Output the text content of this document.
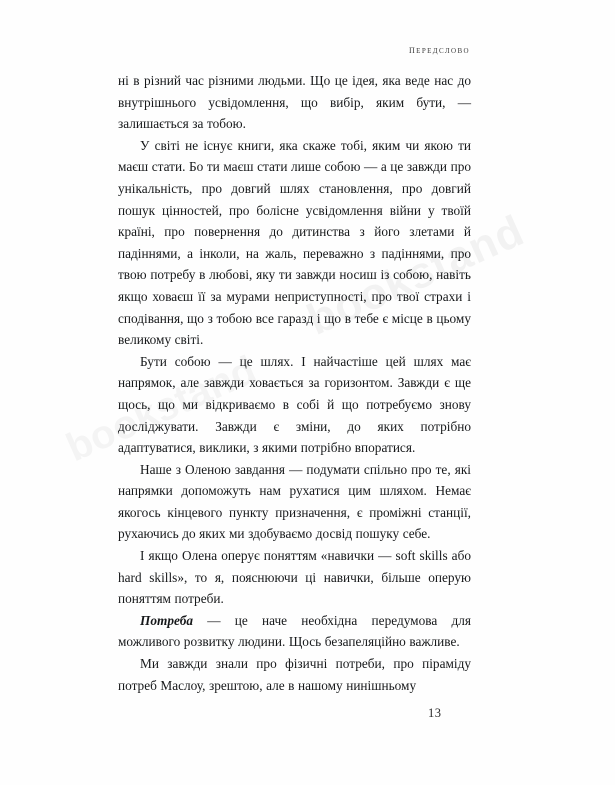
передслово

ні в різний час різними людьми. Що це ідея, яка веде нас до внутрішнього усвідомлення, що вибір, яким бути, — залишається за тобою.

У світі не існує книги, яка скаже тобі, яким чи якою ти маєш стати. Бо ти маєш стати лише собою — а це завжди про унікальність, про довгий шлях становлення, про довгий пошук цінностей, про болісне усвідомлення війни у твоїй країні, про повернення до дитинства з його злетами й падіннями, а інколи, на жаль, переважно з падіннями, про твою потребу в любові, яку ти завжди носиш із собою, навіть якщо ховаєш її за мурами неприступності, про твої страхи і сподівання, що з тобою все гаразд і що в тебе є місце в цьому великому світі.

Бути собою — це шлях. І найчастіше цей шлях має напрямок, але завжди ховається за горизонтом. Завжди є ще щось, що ми відкриваємо в собі й що потребуємо знову досліджувати. Завжди є зміни, до яких потрібно адаптуватися, виклики, з якими потрібно впоратися.

Наше з Оленою завдання — подумати спільно про те, які напрямки допоможуть нам рухатися цим шляхом. Немає якогось кінцевого пункту призначення, є проміжні станції, рухаючись до яких ми здобуваємо досвід пошуку себе.

І якщо Олена оперує поняттям «навички — soft skills або hard skills», то я, пояснюючи ці навички, більше оперую поняттям потреби.

Потреба — це наче необхідна передумова для можливого розвитку людини. Щось безапеляційно важливе.

Ми завжди знали про фізичні потреби, про піраміду потреб Маслоу, зрештою, але в нашому нинішньому

13
